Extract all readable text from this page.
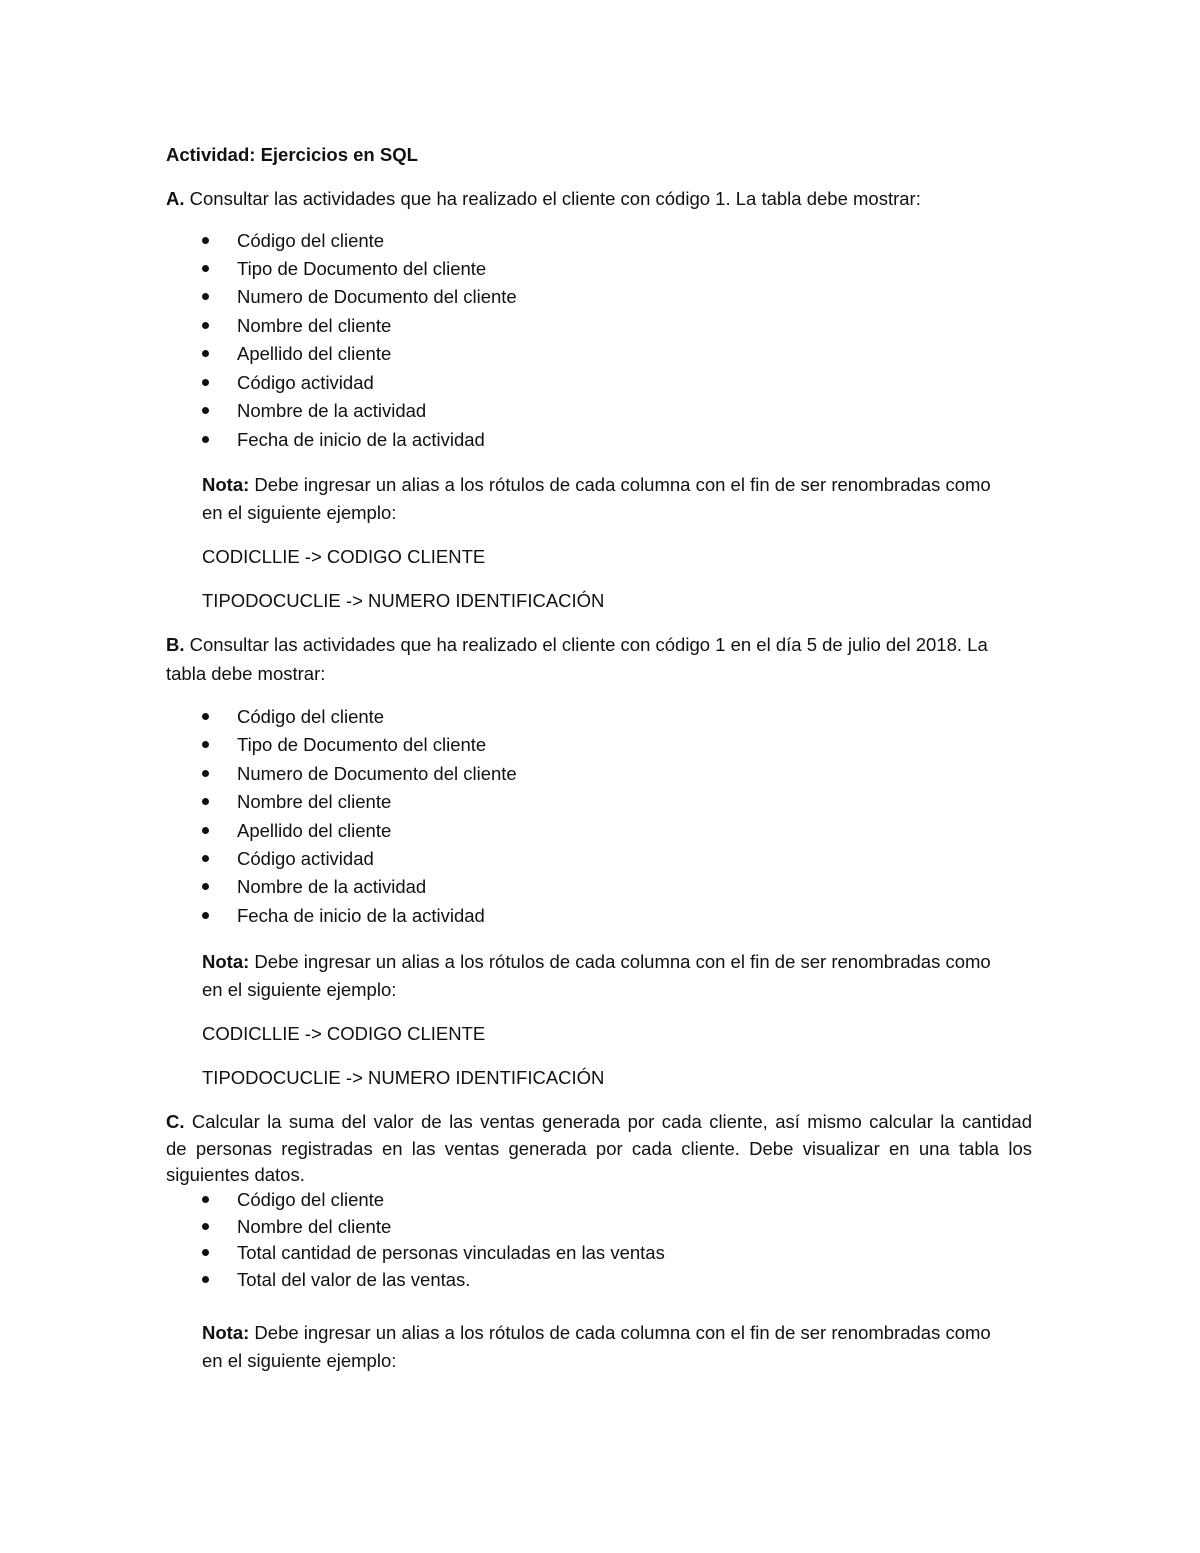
Actividad: Ejercicios en SQL
A. Consultar las actividades que ha realizado el cliente con código 1. La tabla debe mostrar:
Código del cliente
Tipo de Documento del cliente
Numero de Documento del cliente
Nombre del cliente
Apellido del cliente
Código actividad
Nombre de la actividad
Fecha de inicio de la actividad
Nota: Debe ingresar un alias a los rótulos de cada columna con el fin de ser renombradas como
en el siguiente ejemplo:
CODICLLIE -> CODIGO CLIENTE
TIPODOCUCLIE -> NUMERO IDENTIFICACIÓN
B. Consultar las actividades que ha realizado el cliente con código 1 en el día 5 de julio del 2018. La
tabla debe mostrar:
Código del cliente
Tipo de Documento del cliente
Numero de Documento del cliente
Nombre del cliente
Apellido del cliente
Código actividad
Nombre de la actividad
Fecha de inicio de la actividad
Nota: Debe ingresar un alias a los rótulos de cada columna con el fin de ser renombradas como
en el siguiente ejemplo:
CODICLLIE -> CODIGO CLIENTE
TIPODOCUCLIE -> NUMERO IDENTIFICACIÓN
C. Calcular la suma del valor de las ventas generada por cada cliente, así mismo calcular la cantidad
de personas registradas en las ventas generada por cada cliente. Debe visualizar en una tabla los
siguientes datos.
Código del cliente
Nombre del cliente
Total cantidad de personas vinculadas en las ventas
Total del valor de las ventas.
Nota: Debe ingresar un alias a los rótulos de cada columna con el fin de ser renombradas como
en el siguiente ejemplo:
